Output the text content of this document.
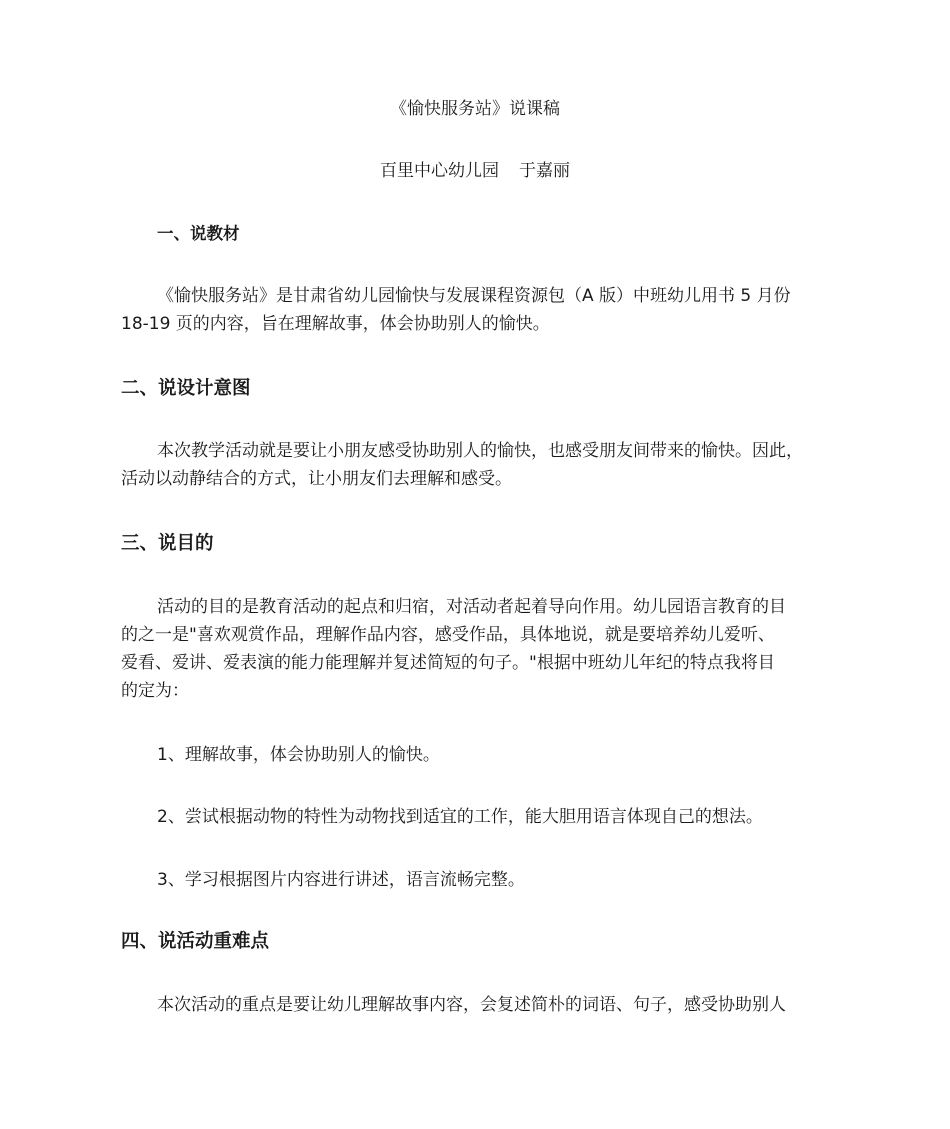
《愉快服务站》说课稿
百里中心幼儿园 于嘉丽
一、说教材
《愉快服务站》是甘肃省幼儿园愉快与发展课程资源包（A 版）中班幼儿用书 5 月份
18-19 页的内容，旨在理解故事，体会协助别人的愉快。
二、说设计意图
本次教学活动就是要让小朋友感受协助别人的愉快，也感受朋友间带来的愉快。因此，
活动以动静结合的方式，让小朋友们去理解和感受。
三、说目的
活动的目的是教育活动的起点和归宿，对活动者起着导向作用。幼儿园语言教育的目
的之一是"喜欢观赏作品，理解作品内容，感受作品，具体地说，就是要培养幼儿爱听、
爱看、爱讲、爱表演的能力能理解并复述简短的句子。"根据中班幼儿年纪的特点我将目
的定为：
1、理解故事，体会协助别人的愉快。
2、尝试根据动物的特性为动物找到适宜的工作，能大胆用语言体现自己的想法。
3、学习根据图片内容进行讲述，语言流畅完整。
四、说活动重难点
本次活动的重点是要让幼儿理解故事内容，会复述简朴的词语、句子，感受协助别人
